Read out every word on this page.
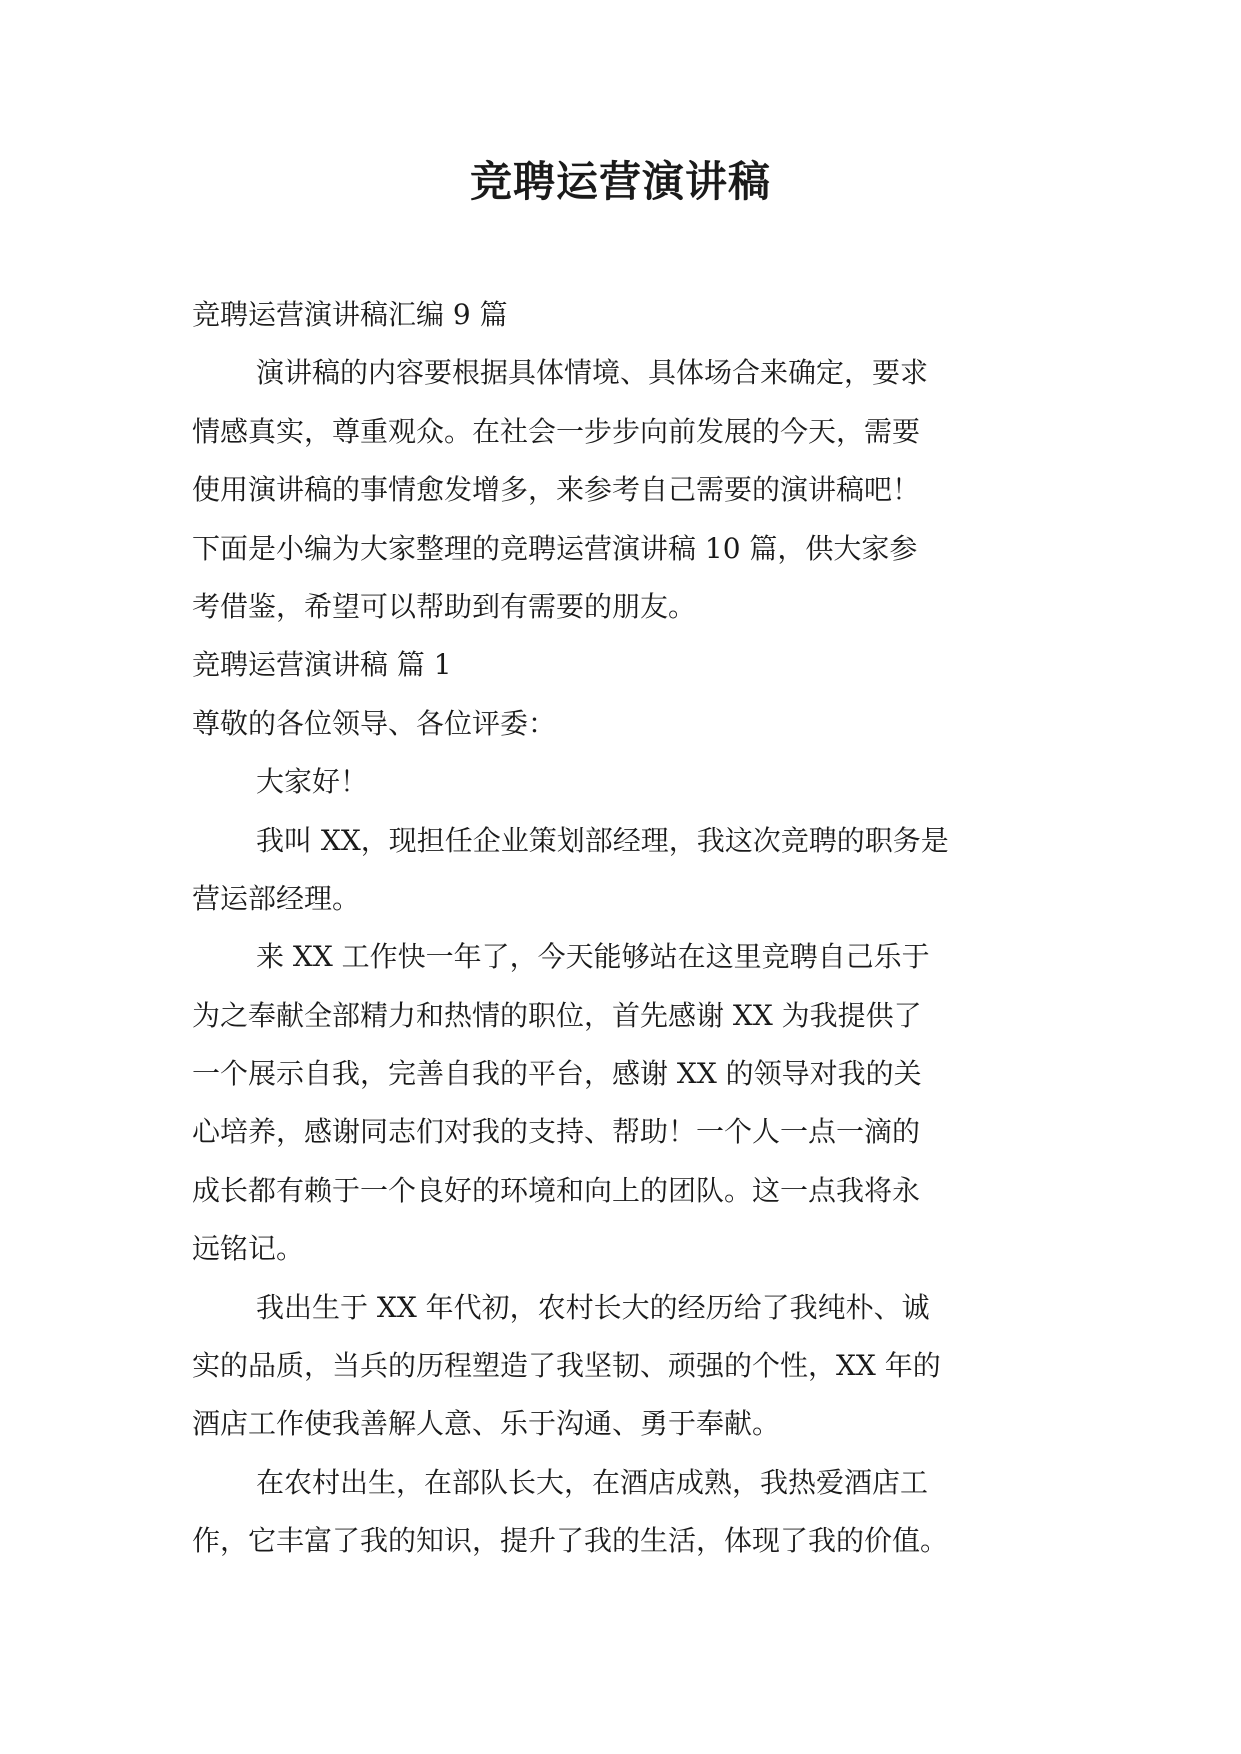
竞聘运营演讲稿

竞聘运营演讲稿汇编 9 篇

演讲稿的内容要根据具体情境、具体场合来确定，要求

情感真实，尊重观众。在社会一步步向前发展的今天，需要

使用演讲稿的事情愈发增多，来参考自己需要的演讲稿吧！

下面是小编为大家整理的竞聘运营演讲稿 10 篇，供大家参

考借鉴，希望可以帮助到有需要的朋友。

竞聘运营演讲稿 篇 1

尊敬的各位领导、各位评委：

大家好！

我叫 XX，现担任企业策划部经理，我这次竞聘的职务是

营运部经理。

来 XX 工作快一年了，今天能够站在这里竞聘自己乐于

为之奉献全部精力和热情的职位，首先感谢 XX 为我提供了

一个展示自我，完善自我的平台，感谢 XX 的领导对我的关

心培养，感谢同志们对我的支持、帮助！一个人一点一滴的

成长都有赖于一个良好的环境和向上的团队。这一点我将永

远铭记。

我出生于 XX 年代初，农村长大的经历给了我纯朴、诚

实的品质，当兵的历程塑造了我坚韧、顽强的个性，XX 年的

酒店工作使我善解人意、乐于沟通、勇于奉献。

在农村出生，在部队长大，在酒店成熟，我热爱酒店工

作，它丰富了我的知识，提升了我的生活，体现了我的价值。
